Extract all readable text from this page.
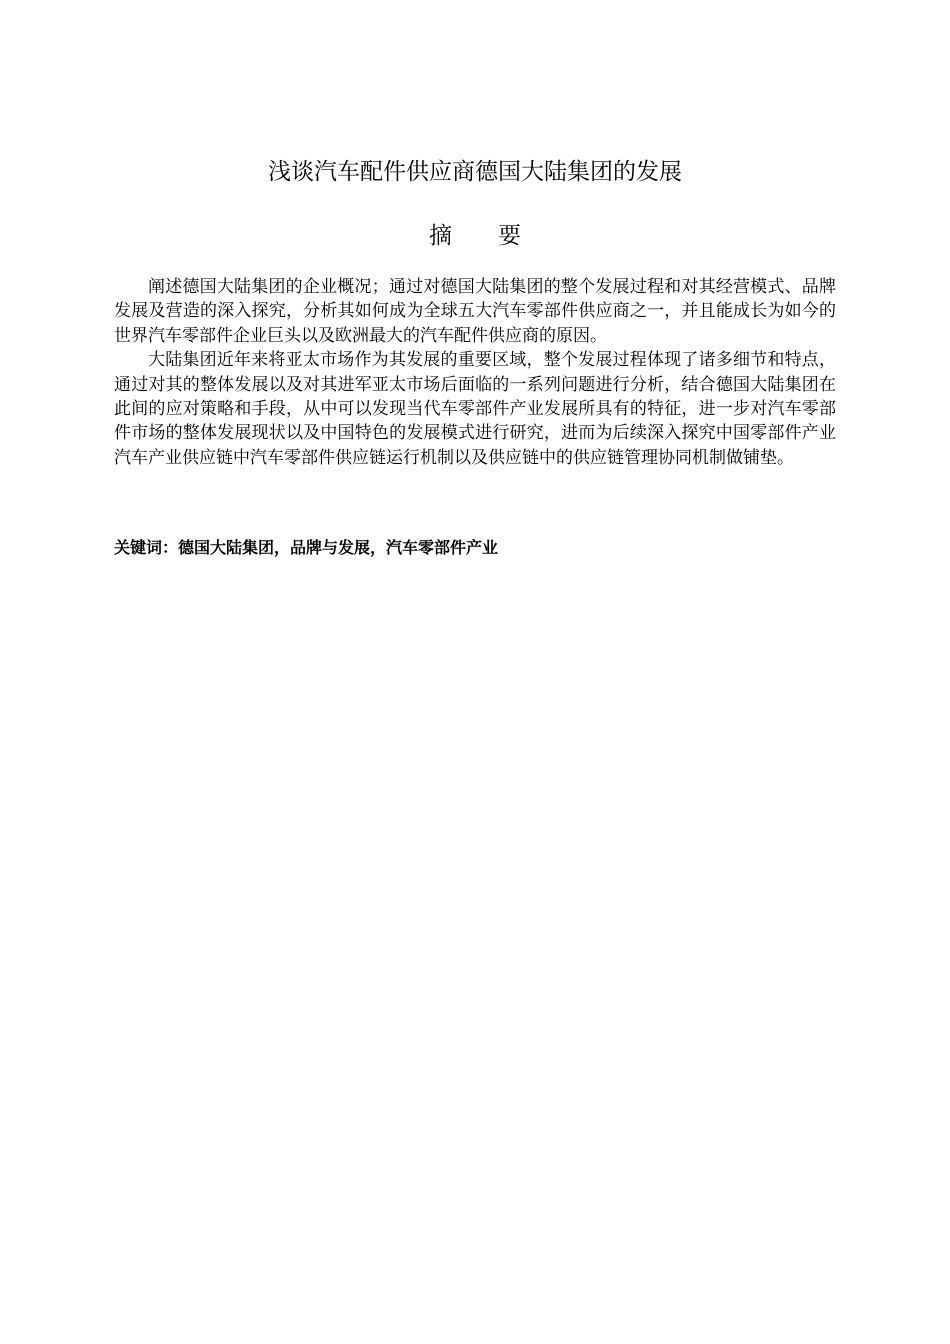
浅谈汽车配件供应商德国大陆集团的发展
摘 要

阐述德国大陆集团的企业概况；通过对德国大陆集团的整个发展过程和对其经营模式、品牌发展及营造的深入探究，分析其如何成为全球五大汽车零部件供应商之一，并且能成长为如今的世界汽车零部件企业巨头以及欧洲最大的汽车配件供应商的原因。

大陆集团近年来将亚太市场作为其发展的重要区域，整个发展过程体现了诸多细节和特点，通过对其的整体发展以及对其进军亚太市场后面临的一系列问题进行分析，结合德国大陆集团在此间的应对策略和手段，从中可以发现当代车零部件产业发展所具有的特征，进一步对汽车零部件市场的整体发展现状以及中国特色的发展模式进行研究，进而为后续深入探究中国零部件产业汽车产业供应链中汽车零部件供应链运行机制以及供应链中的供应链管理协同机制做铺垫。

关键词：德国大陆集团，品牌与发展，汽车零部件产业
